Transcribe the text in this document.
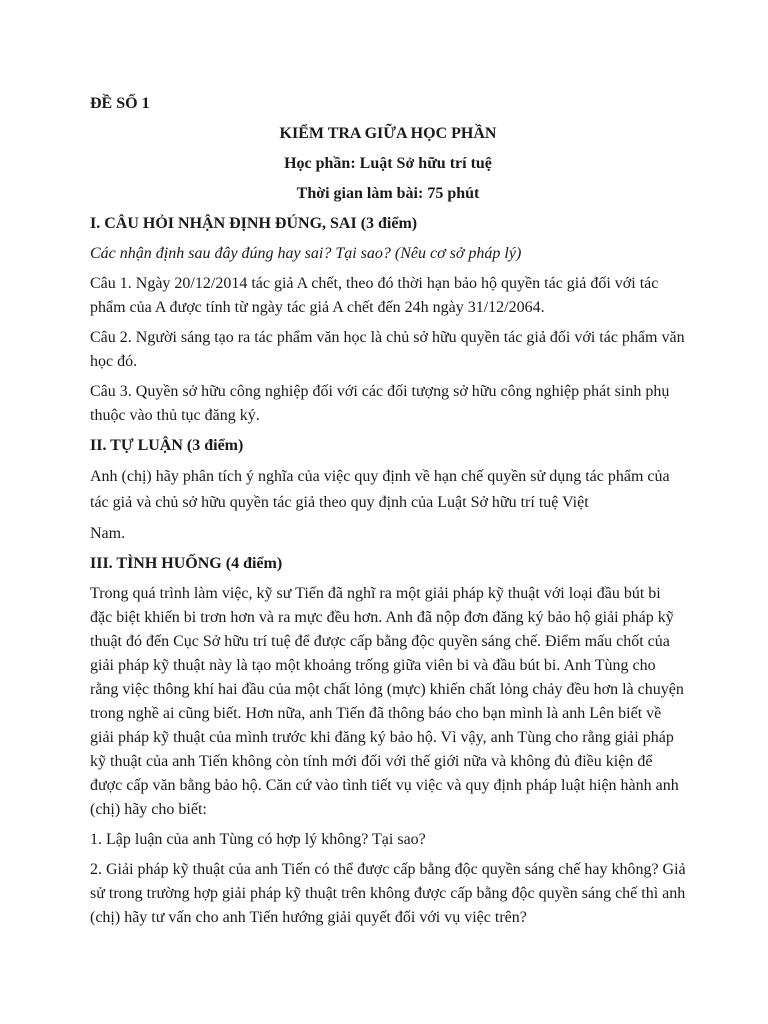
ĐỀ SỐ 1
KIỂM TRA GIỮA HỌC PHẦN
Học phần: Luật Sở hữu trí tuệ
Thời gian làm bài: 75 phút
I. CÂU HỎI NHẬN ĐỊNH ĐÚNG, SAI (3 điểm)
Các nhận định sau đây đúng hay sai? Tại sao? (Nêu cơ sở pháp lý)
Câu 1. Ngày 20/12/2014 tác giả A chết, theo đó thời hạn bảo hộ quyền tác giả đối với tác phẩm của A được tính từ ngày tác giả A chết đến 24h ngày 31/12/2064.
Câu 2. Người sáng tạo ra tác phẩm văn học là chủ sở hữu quyền tác giả đối với tác phẩm văn học đó.
Câu 3. Quyền sở hữu công nghiệp đối với các đối tượng sở hữu công nghiệp phát sinh phụ thuộc vào thủ tục đăng ký.
II. TỰ LUẬN (3 điểm)
Anh (chị) hãy phân tích ý nghĩa của việc quy định về hạn chế quyền sử dụng tác phẩm của tác giả và chủ sở hữu quyền tác giả theo quy định của Luật Sở hữu trí tuệ Việt
Nam.
III. TÌNH HUỐNG (4 điểm)
Trong quá trình làm việc, kỹ sư Tiến đã nghĩ ra một giải pháp kỹ thuật với loại đầu bút bi đặc biệt khiến bi trơn hơn và ra mực đều hơn. Anh đã nộp đơn đăng ký bảo hộ giải pháp kỹ thuật đó đến Cục Sở hữu trí tuệ để được cấp bằng độc quyền sáng chế. Điểm mấu chốt của giải pháp kỹ thuật này là tạo một khoảng trống giữa viên bi và đầu bút bi. Anh Tùng cho rằng việc thông khí hai đầu của một chất lỏng (mực) khiến chất lỏng chảy đều hơn là chuyện trong nghề ai cũng biết. Hơn nữa, anh Tiến đã thông báo cho bạn mình là anh Lên biết về giải pháp kỹ thuật của mình trước khi đăng ký bảo hộ. Vì vậy, anh Tùng cho rằng giải pháp kỹ thuật của anh Tiến không còn tính mới đối với thế giới nữa và không đủ điều kiện để được cấp văn bằng bảo hộ. Căn cứ vào tình tiết vụ việc và quy định pháp luật hiện hành anh (chị) hãy cho biết:
1. Lập luận của anh Tùng có hợp lý không? Tại sao?
2. Giải pháp kỹ thuật của anh Tiến có thể được cấp bằng độc quyền sáng chế hay không? Giả sử trong trường hợp giải pháp kỹ thuật trên không được cấp bằng độc quyền sáng chế thì anh (chị) hãy tư vấn cho anh Tiến hướng giải quyết đối với vụ việc trên?
